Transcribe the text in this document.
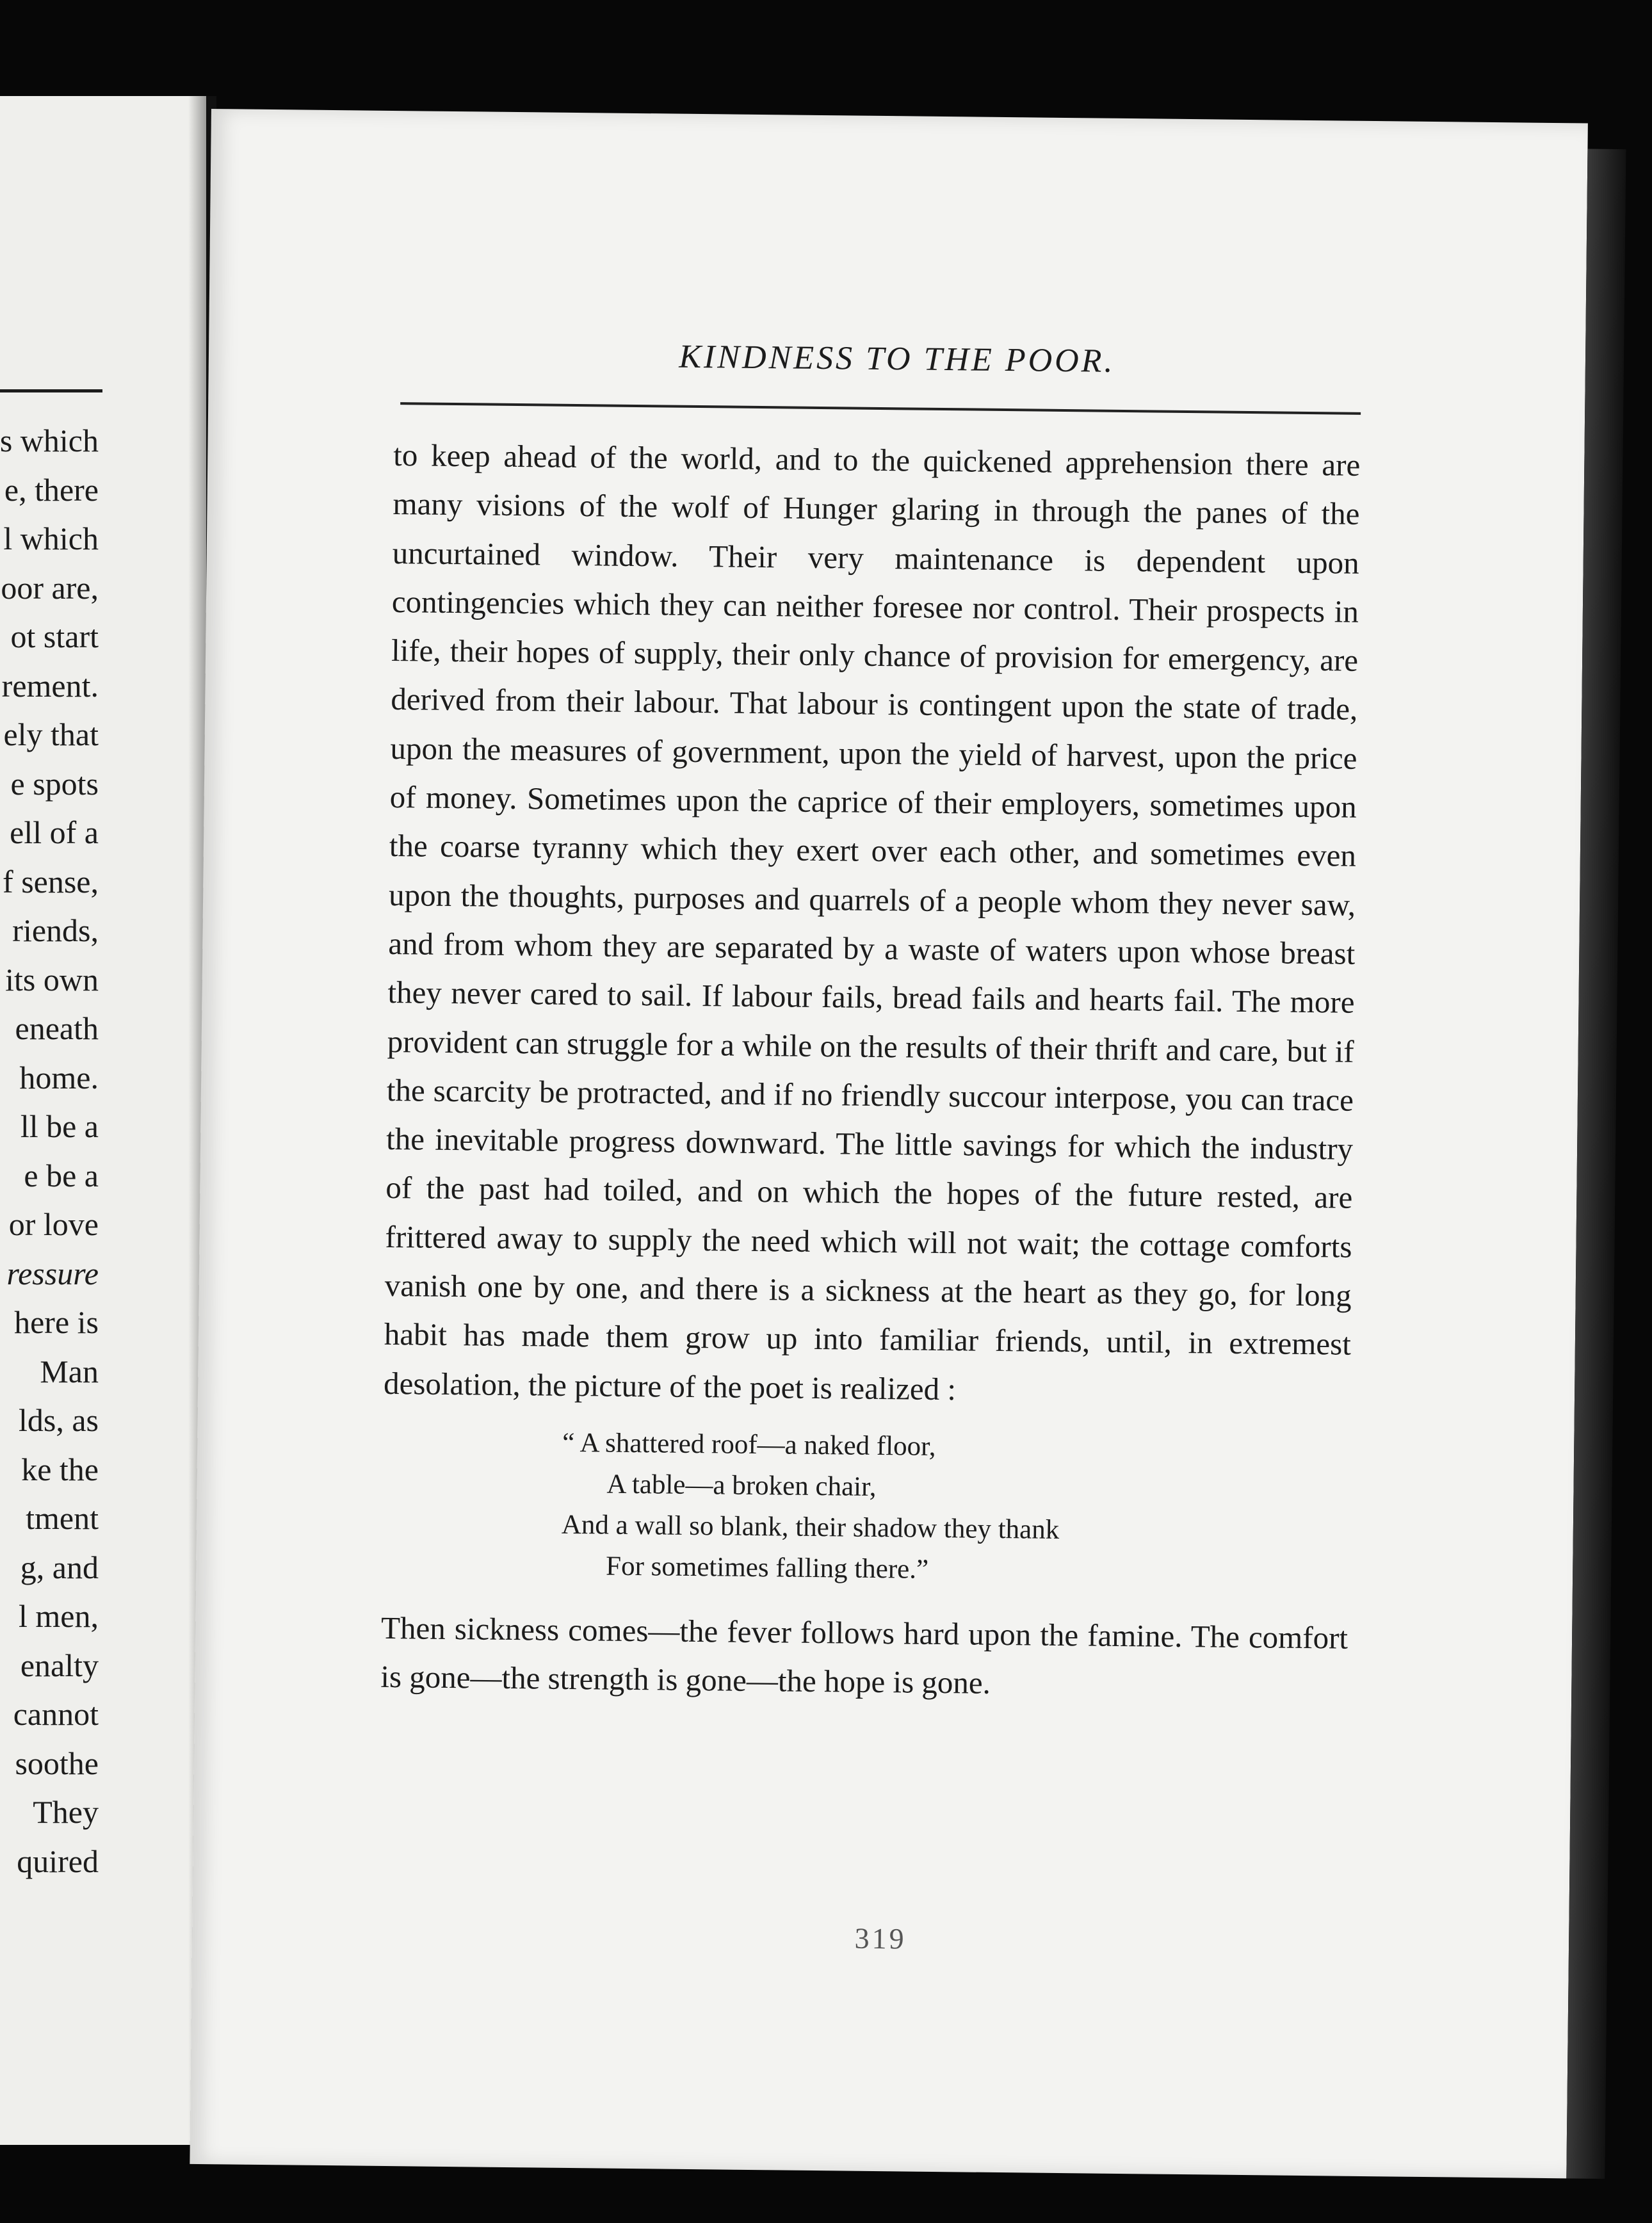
s which
e, there
l which
oor are,
ot start
rement.
ely that
e spots
ell of a
f sense,
riends,
its own
eneath
home.
ll be a
e be a
or love
ressure
here is
Man
lds, as
ke the
tment
g, and
l men,
enalty
cannot
soothe
They
quired
KINDNESS TO THE POOR.

to keep ahead of the world, and to the quickened apprehension there are many visions of the wolf of Hunger glaring in through the panes of the uncurtained window. Their very maintenance is dependent upon contingencies which they can neither foresee nor control. Their prospects in life, their hopes of supply, their only chance of provision for emergency, are derived from their labour. That labour is contingent upon the state of trade, upon the measures of government, upon the yield of harvest, upon the price of money. Sometimes upon the caprice of their employers, sometimes upon the coarse tyranny which they exert over each other, and sometimes even upon the thoughts, purposes and quarrels of a people whom they never saw, and from whom they are separated by a waste of waters upon whose breast they never cared to sail. If labour fails, bread fails and hearts fail. The more provident can struggle for a while on the results of their thrift and care, but if the scarcity be protracted, and if no friendly succour interpose, you can trace the inevitable progress downward. The little savings for which the industry of the past had toiled, and on which the hopes of the future rested, are frittered away to supply the need which will not wait; the cottage comforts vanish one by one, and there is a sickness at the heart as they go, for long habit has made them grow up into familiar friends, until, in extremest desolation, the picture of the poet is realized :

“ A shattered roof—a naked floor,
A table—a broken chair,
And a wall so blank, their shadow they thank
For sometimes falling there.”

Then sickness comes—the fever follows hard upon the famine. The comfort is gone—the strength is gone—the hope is gone.

319
